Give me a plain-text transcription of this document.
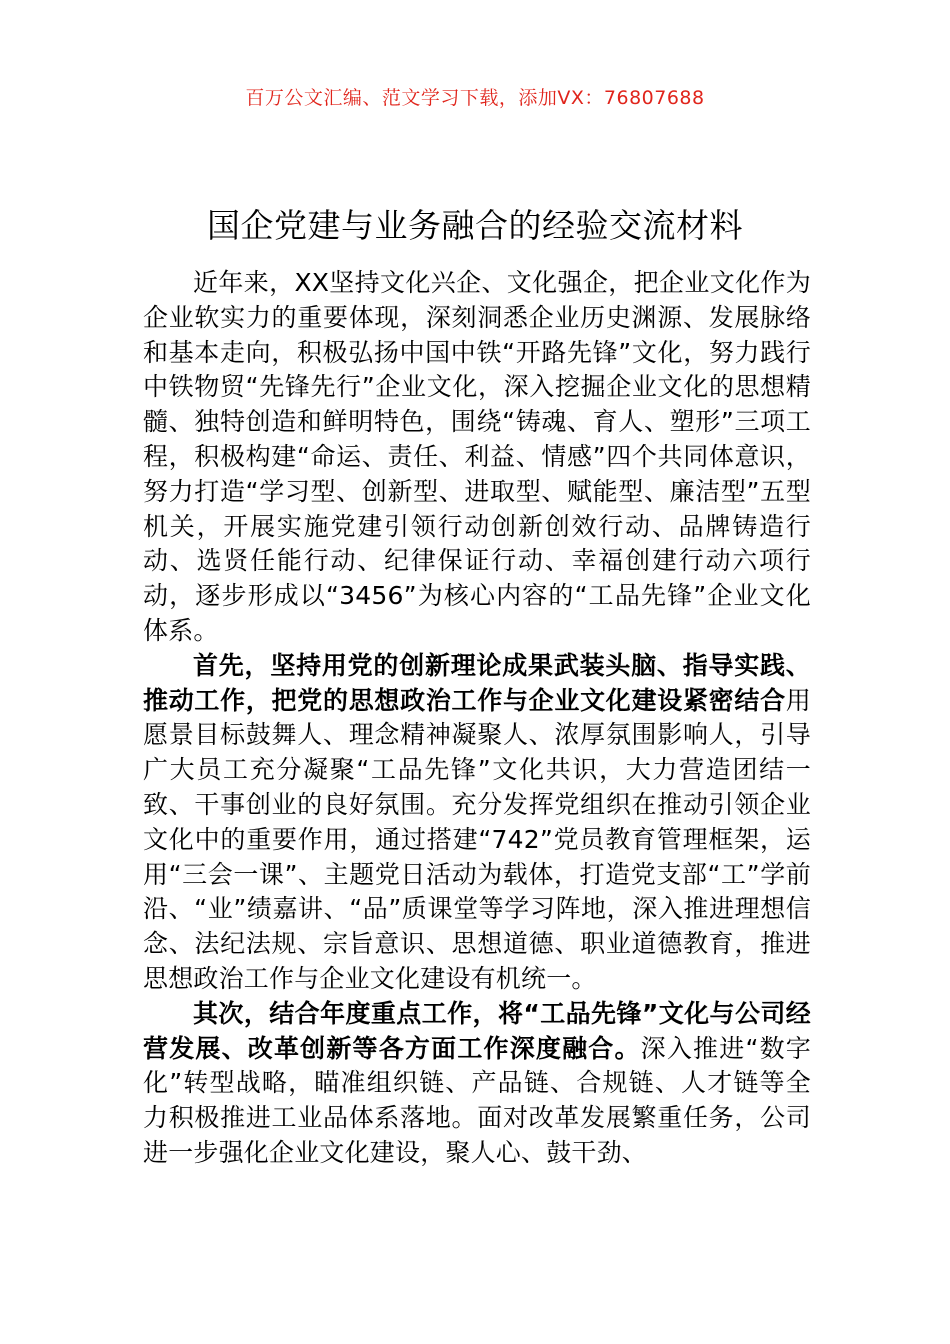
百万公文汇编、范文学习下载，添加VX：76807688
国企党建与业务融合的经验交流材料

近年来，XX坚持文化兴企、文化强企，把企业文化作为企业软实力的重要体现，深刻洞悉企业历史渊源、发展脉络和基本走向，积极弘扬中国中铁“开路先锋”文化，努力践行中铁物贸“先锋先行”企业文化，深入挖掘企业文化的思想精髓、独特创造和鲜明特色，围绕“铸魂、育人、塑形”三项工程，积极构建“命运、责任、利益、情感”四个共同体意识，努力打造“学习型、创新型、进取型、赋能型、廉洁型”五型机关，开展实施党建引领行动创新创效行动、品牌铸造行动、选贤任能行动、纪律保证行动、幸福创建行动六项行动，逐步形成以“3456”为核心内容的“工品先锋”企业文化体系。

首先，坚持用党的创新理论成果武装头脑、指导实践、推动工作，把党的思想政治工作与企业文化建设紧密结合用愿景目标鼓舞人、理念精神凝聚人、浓厚氛围影响人，引导广大员工充分凝聚“工品先锋”文化共识，大力营造团结一致、干事创业的良好氛围。充分发挥党组织在推动引领企业文化中的重要作用，通过搭建“742”党员教育管理框架，运用“三会一课”、主题党日活动为载体，打造党支部“工”学前沿、“业”绩嘉讲、“品”质课堂等学习阵地，深入推进理想信念、法纪法规、宗旨意识、思想道德、职业道德教育，推进思想政治工作与企业文化建设有机统一。

其次，结合年度重点工作，将“工品先锋”文化与公司经营发展、改革创新等各方面工作深度融合。深入推进“数字化”转型战略，瞄准组织链、产品链、合规链、人才链等全力积极推进工业品体系落地。面对改革发展繁重任务，公司进一步强化企业文化建设，聚人心、鼓干劲、
